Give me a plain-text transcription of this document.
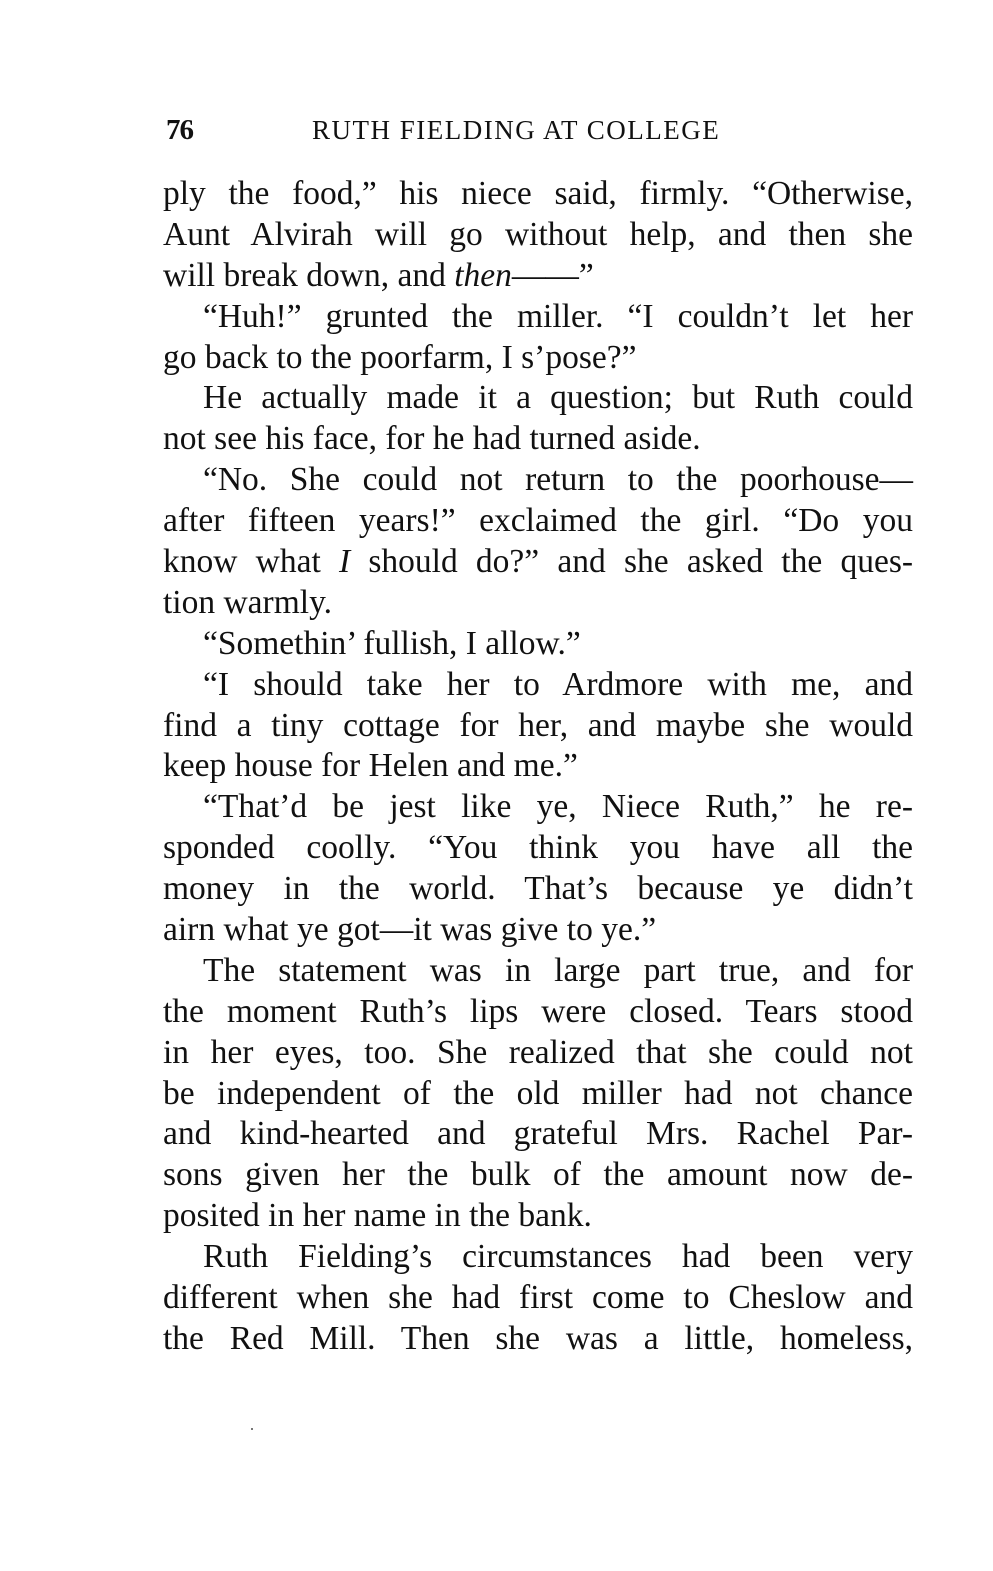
76	RUTH FIELDING AT COLLEGE
ply the food,” his niece said, firmly. “Otherwise,
Aunt Alvirah will go without help, and then she
will break down, and then——”
“Huh!” grunted the miller. “I couldn’t let her
go back to the poorfarm, I s’pose?”
He actually made it a question; but Ruth could
not see his face, for he had turned aside.
“No. She could not return to the poorhouse—
after fifteen years!” exclaimed the girl. “Do you
know what I should do?” and she asked the ques-
tion warmly.
“Somethin’ fullish, I allow.”
“I should take her to Ardmore with me, and
find a tiny cottage for her, and maybe she would
keep house for Helen and me.”
“That’d be jest like ye, Niece Ruth,” he re-
sponded coolly. “You think you have all the
money in the world. That’s because ye didn’t
airn what ye got—it was give to ye.”
The statement was in large part true, and for
the moment Ruth’s lips were closed. Tears stood
in her eyes, too. She realized that she could not
be independent of the old miller had not chance
and kind-hearted and grateful Mrs. Rachel Par-
sons given her the bulk of the amount now de-
posited in her name in the bank.
Ruth Fielding’s circumstances had been very
different when she had first come to Cheslow and
the Red Mill. Then she was a little, homeless,
